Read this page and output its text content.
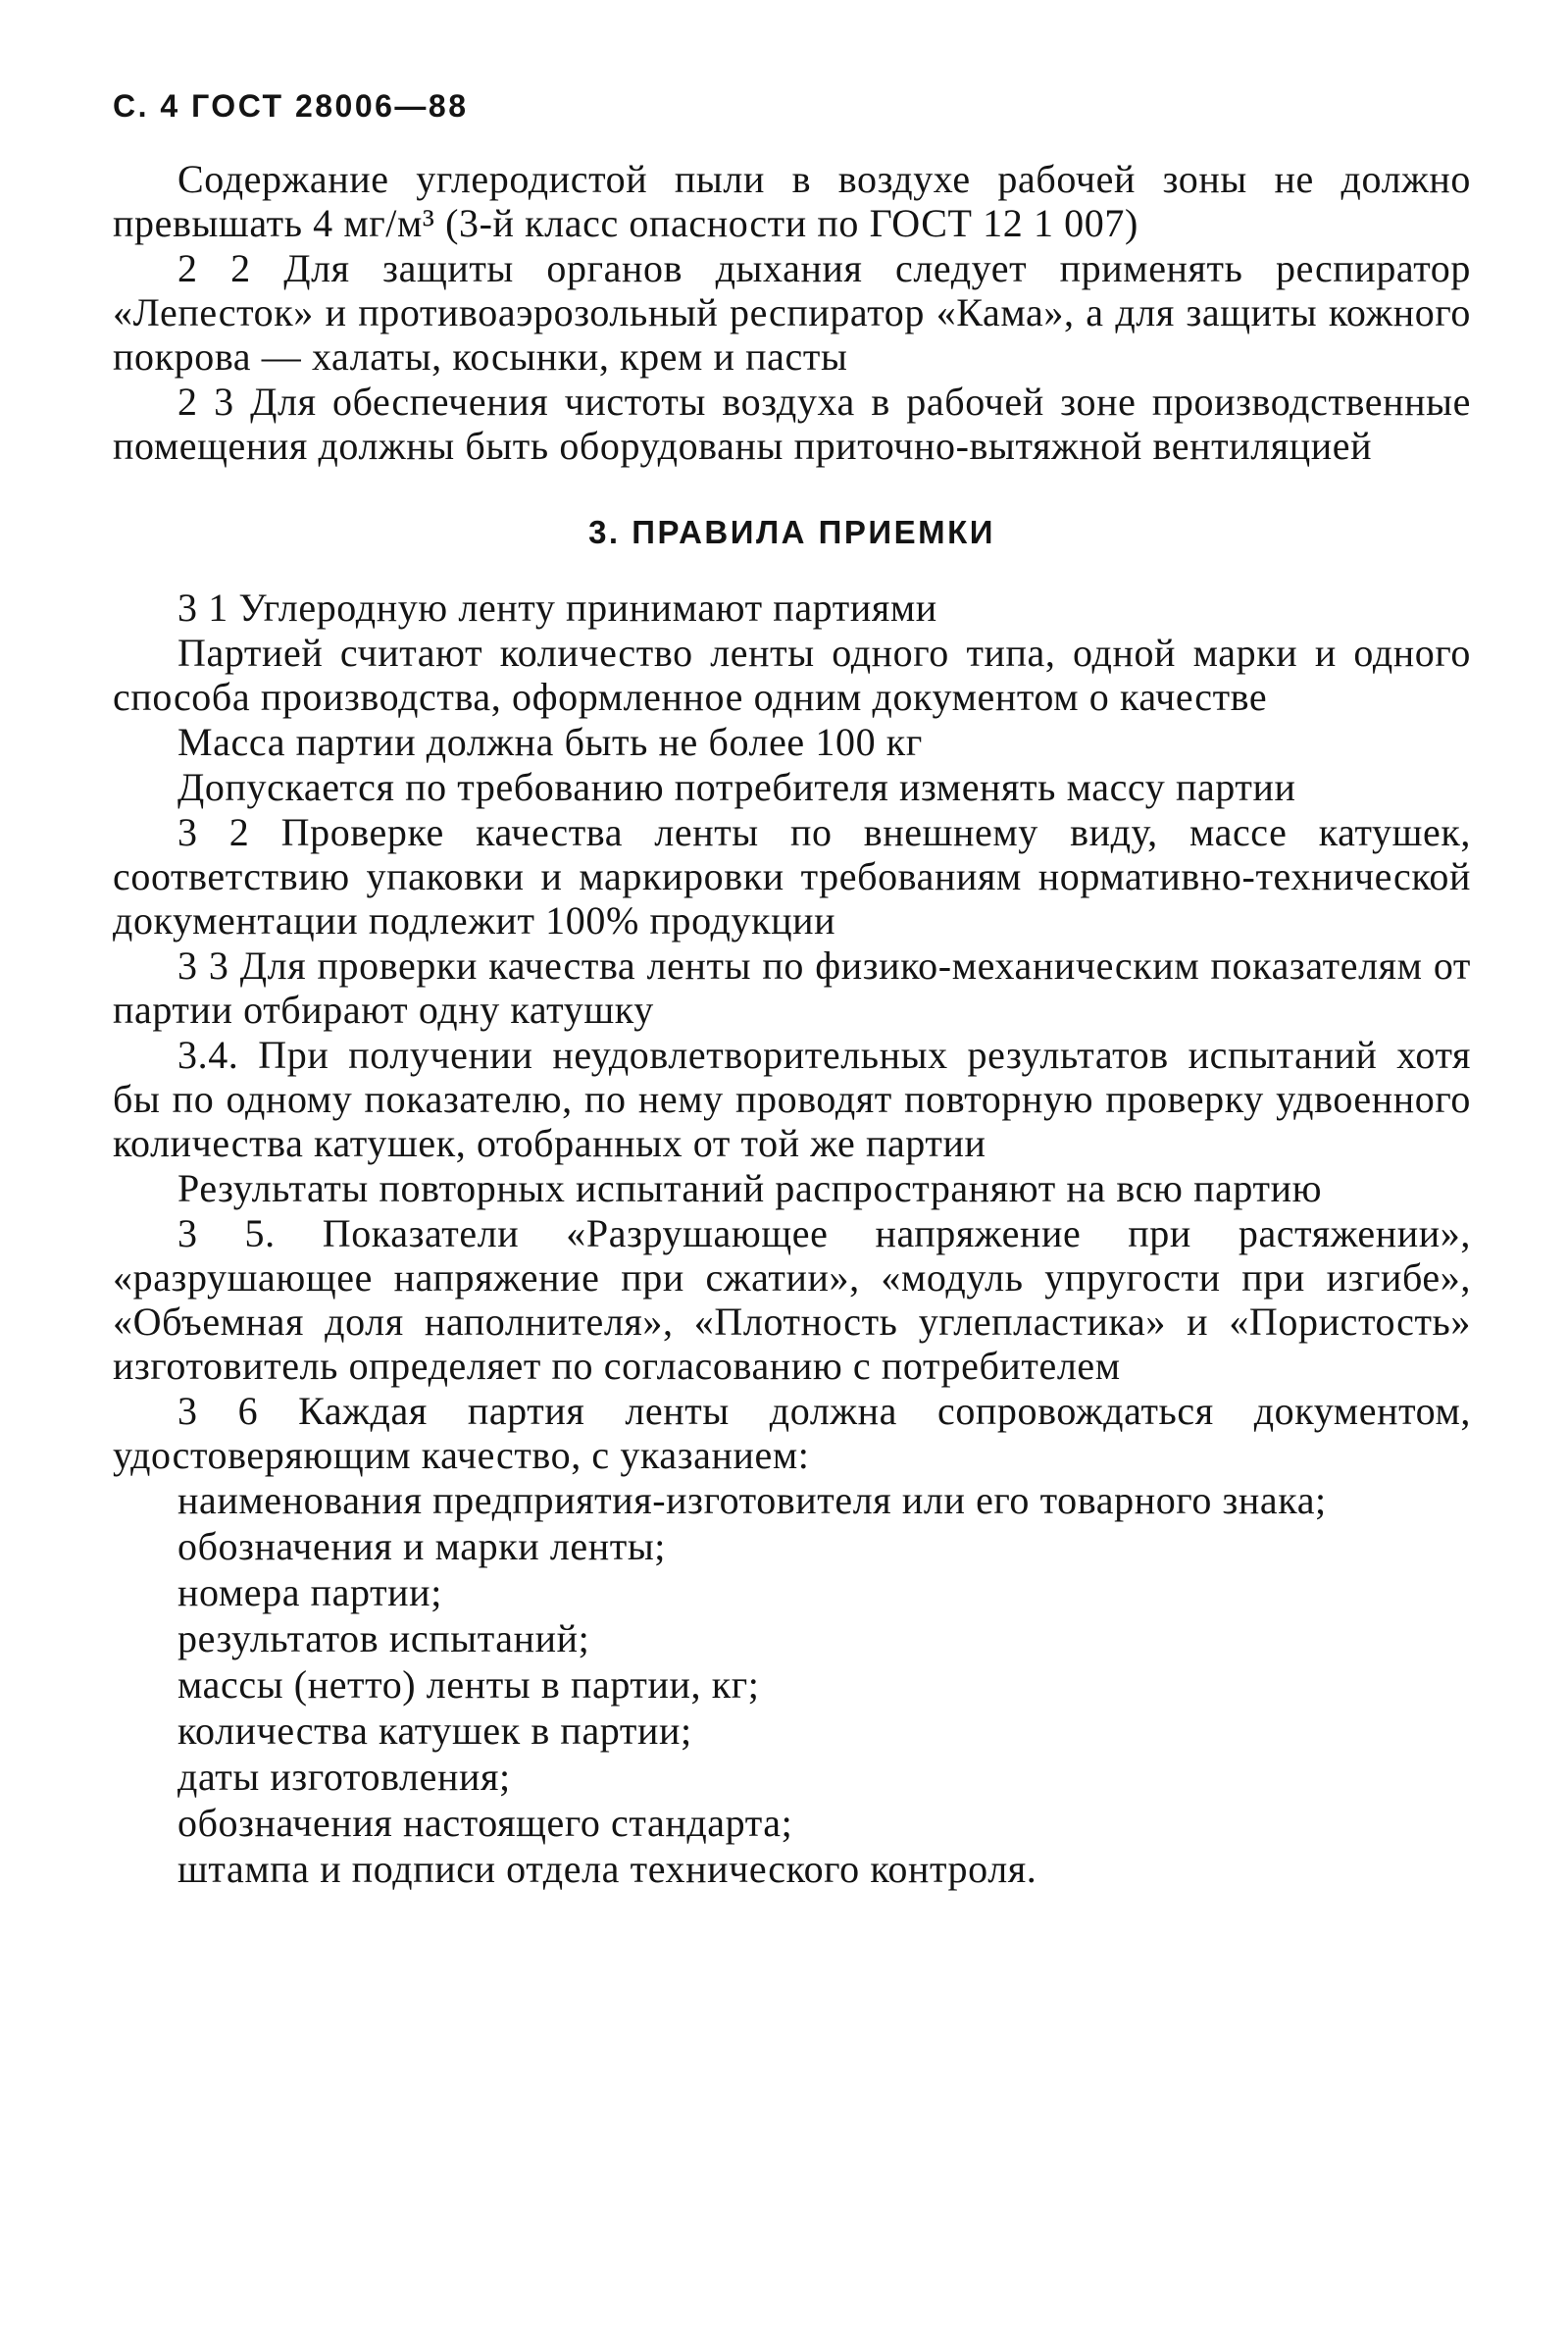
С. 4 ГОСТ 28006—88

Содержание углеродистой пыли в воздухе рабочей зоны не должно превышать 4 мг/м³ (3-й класс опасности по ГОСТ 12 1 007)

2 2 Для защиты органов дыхания следует применять респиратор «Лепесток» и противоаэрозольный респиратор «Кама», а для защиты кожного покрова — халаты, косынки, крем и пасты

2 3 Для обеспечения чистоты воздуха в рабочей зоне производственные помещения должны быть оборудованы приточно-вытяжной вентиляцией

3. ПРАВИЛА ПРИЕМКИ

3 1 Углеродную ленту принимают партиями

Партией считают количество ленты одного типа, одной марки и одного способа производства, оформленное одним документом о качестве

Масса партии должна быть не более 100 кг

Допускается по требованию потребителя изменять массу партии

3 2 Проверке качества ленты по внешнему виду, массе катушек, соответствию упаковки и маркировки требованиям нормативно-технической документации подлежит 100% продукции

3 3 Для проверки качества ленты по физико-механическим показателям от партии отбирают одну катушку

3.4. При получении неудовлетворительных результатов испытаний хотя бы по одному показателю, по нему проводят повторную проверку удвоенного количества катушек, отобранных от той же партии

Результаты повторных испытаний распространяют на всю партию

3 5. Показатели «Разрушающее напряжение при растяжении», «разрушающее напряжение при сжатии», «модуль упругости при изгибе», «Объемная доля наполнителя», «Плотность углепластика» и «Пористость» изготовитель определяет по согласованию с потребителем

3 6 Каждая партия ленты должна сопровождаться документом, удостоверяющим качество, с указанием:

наименования предприятия-изготовителя или его товарного знака;
обозначения и марки ленты;
номера партии;
результатов испытаний;
массы (нетто) ленты в партии, кг;
количества катушек в партии;
даты изготовления;
обозначения настоящего стандарта;
штампа и подписи отдела технического контроля.
